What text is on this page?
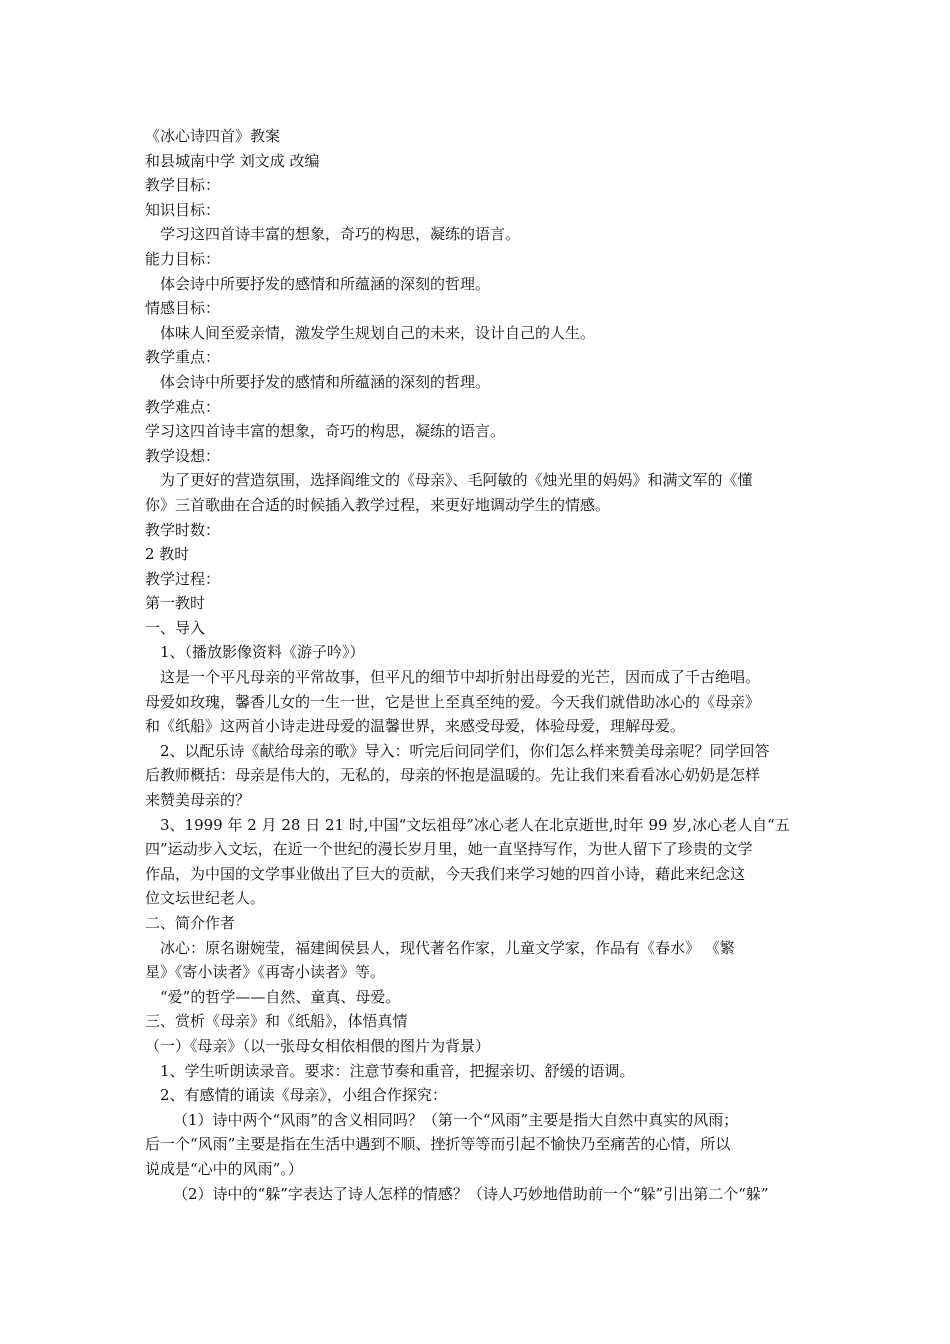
《冰心诗四首》教案
和县城南中学 刘文成 改编
教学目标：
知识目标：
学习这四首诗丰富的想象，奇巧的构思，凝练的语言。
能力目标：
体会诗中所要抒发的感情和所蕴涵的深刻的哲理。
情感目标：
体味人间至爱亲情，激发学生规划自己的未来，设计自己的人生。
教学重点：
体会诗中所要抒发的感情和所蕴涵的深刻的哲理。
教学难点：
学习这四首诗丰富的想象，奇巧的构思，凝练的语言。
教学设想：
为了更好的营造氛围，选择阎维文的《母亲》、毛阿敏的《烛光里的妈妈》和满文军的《懂
你》三首歌曲在合适的时候插入教学过程，来更好地调动学生的情感。
教学时数：
2 教时
教学过程：
第一教时
一、导入
1、（播放影像资料《游子吟》）
这是一个平凡母亲的平常故事，但平凡的细节中却折射出母爱的光芒，因而成了千古绝唱。
母爱如玫瑰，馨香儿女的一生一世，它是世上至真至纯的爱。今天我们就借助冰心的《母亲》
和《纸船》这两首小诗走进母爱的温馨世界，来感受母爱，体验母爱，理解母爱。
2、以配乐诗《献给母亲的歌》导入：听完后问同学们，你们怎么样来赞美母亲呢？同学回答
后教师概括：母亲是伟大的，无私的，母亲的怀抱是温暖的。先让我们来看看冰心奶奶是怎样
来赞美母亲的？
3、1999 年 2 月 28 日 21 时,中国“文坛祖母”冰心老人在北京逝世,时年 99 岁,冰心老人自“五
四”运动步入文坛，在近一个世纪的漫长岁月里，她一直坚持写作，为世人留下了珍贵的文学
作品，为中国的文学事业做出了巨大的贡献，今天我们来学习她的四首小诗，藉此来纪念这
位文坛世纪老人。
二、简介作者
冰心：原名谢婉莹，福建闽侯县人，现代著名作家，儿童文学家，作品有《春水》 《繁
星》《寄小读者》《再寄小读者》等。
“爱”的哲学——自然、童真、母爱。
三、赏析《母亲》和《纸船》，体悟真情
（一）《母亲》（以一张母女相依相偎的图片为背景）
1、学生听朗读录音。要求：注意节奏和重音，把握亲切、舒缓的语调。
2、有感情的诵读《母亲》，小组合作探究：
（1）诗中两个“风雨”的含义相同吗？（第一个“风雨”主要是指大自然中真实的风雨；
后一个“风雨”主要是指在生活中遇到不顺、挫折等等而引起不愉快乃至痛苦的心情，所以
说成是“心中的风雨”。）
（2）诗中的“躲”字表达了诗人怎样的情感？（诗人巧妙地借助前一个“躲”引出第二个“躲”
